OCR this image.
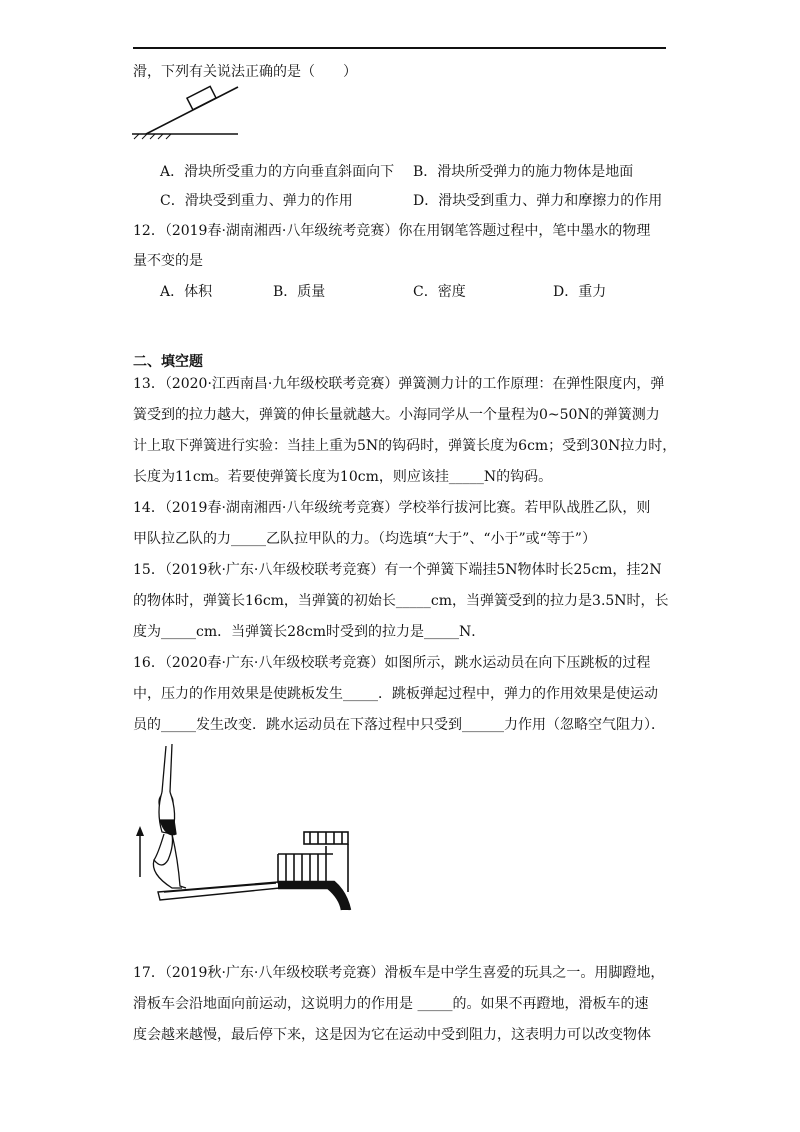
滑，下列有关说法正确的是（　　）
A．滑块所受重力的方向垂直斜面向下 B．滑块所受弹力的施力物体是地面
C．滑块受到重力、弹力的作用	D．滑块受到重力、弹力和摩擦力的作用
12．（2019春·湖南湘西·八年级统考竞赛）你在用钢笔答题过程中，笔中墨水的物理
量不变的是
A．体积	B．质量	C．密度	D．重力
二、填空题
13．（2020·江西南昌·九年级校联考竞赛）弹簧测力计的工作原理：在弹性限度内，弹
簧受到的拉力越大，弹簧的伸长量就越大。小海同学从一个量程为0~50N的弹簧测力
计上取下弹簧进行实验：当挂上重为5N的钩码时，弹簧长度为6cm；受到30N拉力时，
长度为11cm。若要使弹簧长度为10cm，则应该挂_____N的钩码。
14．（2019春·湖南湘西·八年级统考竞赛）学校举行拔河比赛。若甲队战胜乙队，则
甲队拉乙队的力_____乙队拉甲队的力。（均选填“大于”、“小于”或“等于”）
15．（2019秋·广东·八年级校联考竞赛）有一个弹簧下端挂5N物体时长25cm，挂2N
的物体时，弹簧长16cm，当弹簧的初始长_____cm，当弹簧受到的拉力是3.5N时，长
度为_____cm．当弹簧长28cm时受到的拉力是_____N．
16．（2020春·广东·八年级校联考竞赛）如图所示，跳水运动员在向下压跳板的过程
中，压力的作用效果是使跳板发生_____．跳板弹起过程中，弹力的作用效果是使运动
员的_____发生改变．跳水运动员在下落过程中只受到______力作用（忽略空气阻力）．
17．（2019秋·广东·八年级校联考竞赛）滑板车是中学生喜爱的玩具之一。用脚蹬地，
滑板车会沿地面向前运动，这说明力的作用是 _____的。如果不再蹬地，滑板车的速
度会越来越慢，最后停下来，这是因为它在运动中受到阻力，这表明力可以改变物体
